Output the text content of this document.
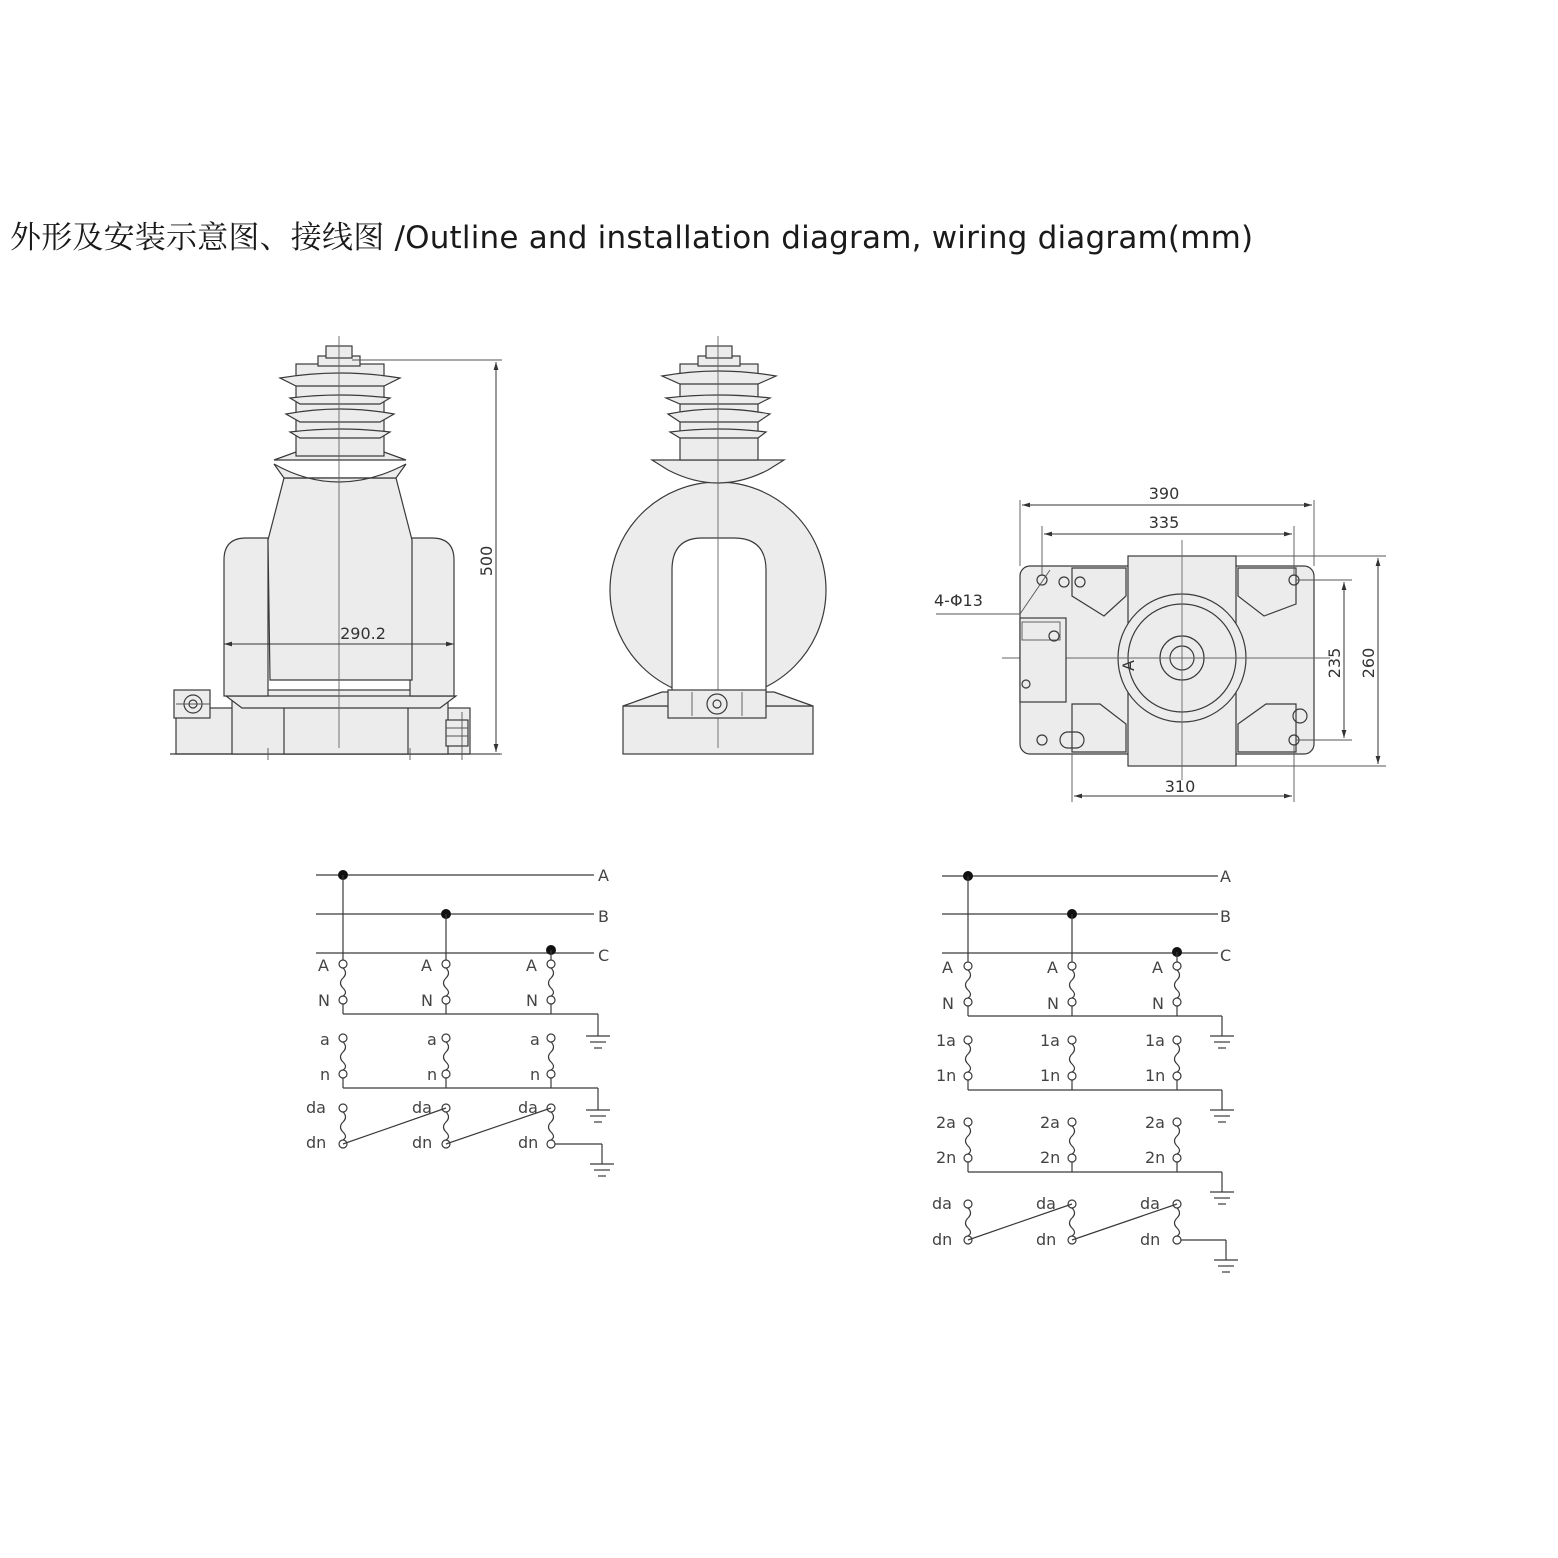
外形及安装示意图、接线图 /Outline and installation diagram, wiring diagram(mm)
290.2
500
A
4-Φ13
390
335
310
235 260
A
B
C
A	A	A
N	N	N
a	a	a
n	n	n
da	da	da
dn	dn	dn
A
B
C
A	A	A
N	N	N
1a	1a	1a
1n	1n	1n
2a	2a	2a
2n	2n	2n
da	da	da
dn	dn	dn
